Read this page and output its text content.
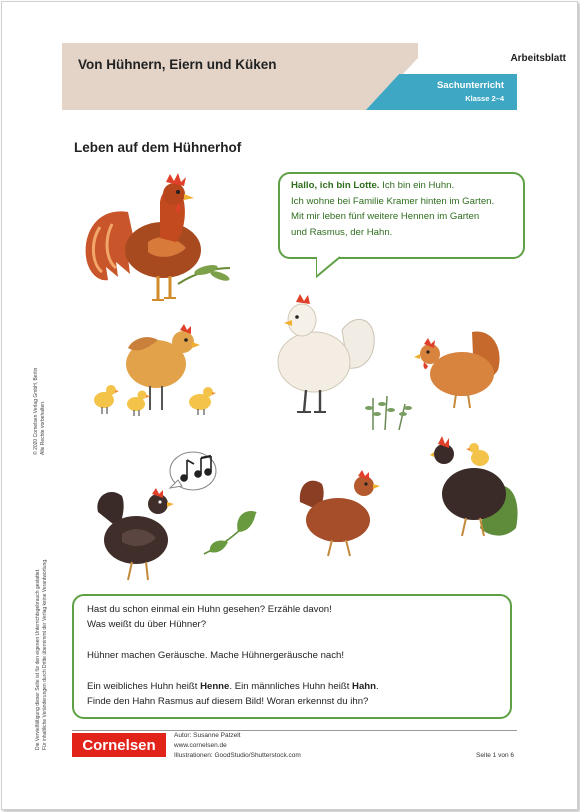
Von Hühnern, Eiern und Küken	Arbeitsblatt
Sachunterricht
Klasse 2–4
Leben auf dem Hühnerhof
Hallo, ich bin Lotte. Ich bin ein Huhn.
Ich wohne bei Familie Kramer hinten im Garten.
Mit mir leben fünf weitere Hennen im Garten
und Rasmus, der Hahn.
Hast du schon einmal ein Huhn gesehen? Erzähle davon!
Was weißt du über Hühner?
Hühner machen Geräusche. Mache Hühnergeräusche nach!
Ein weibliches Huhn heißt Henne. Ein männliches Huhn heißt Hahn.
Finde den Hahn Rasmus auf diesem Bild! Woran erkennst du ihn?
© 2020 Cornelsen Verlag GmbH, Berlin Alle Rechte vorbehalten.
Die Vervielfältigung dieser Seite ist für den eigenen Unterrichtsgebrauch gestattet. Für inhaltliche Veränderungen durch Dritte übernimmt der Verlag keine Verantwortung.	Cornelsen
Autor: Susanne Patzelt
www.cornelsen.de
Illustrationen: GoodStudio/Shutterstock.com	Seite 1 von 6
